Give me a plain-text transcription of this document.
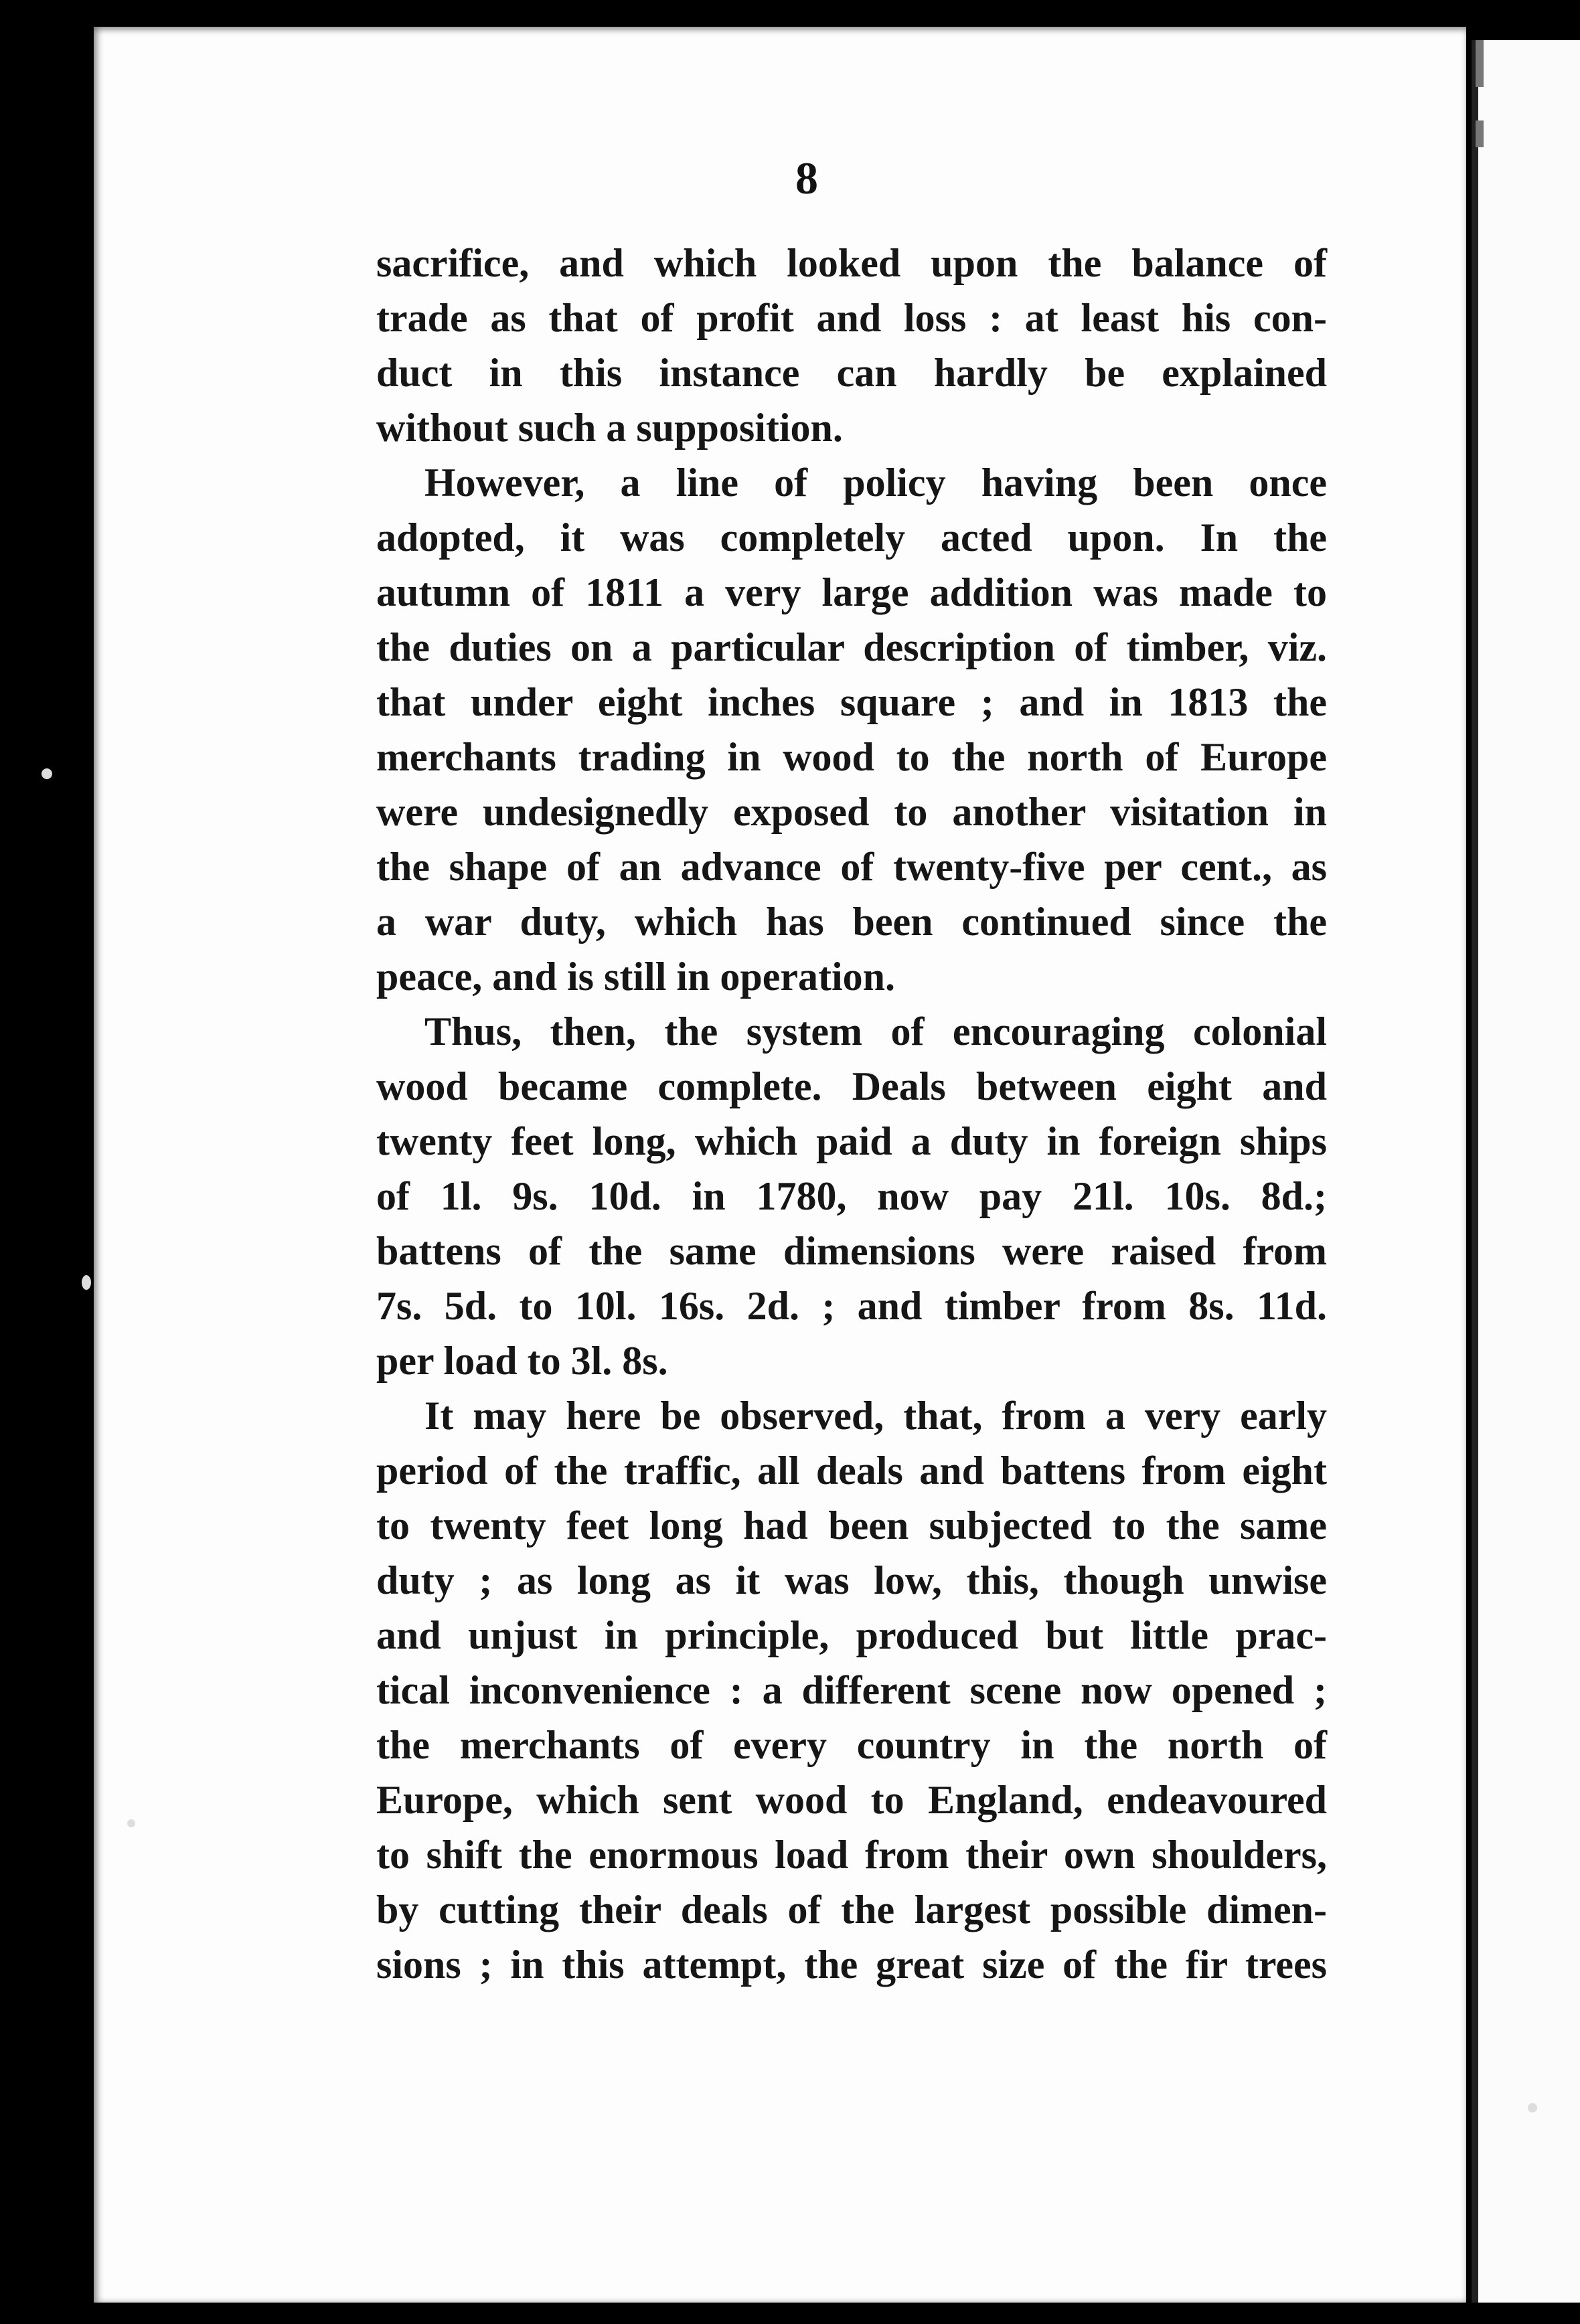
8
sacrifice, and which looked upon the balance of
trade as that of profit and loss : at least his con-
duct in this instance can hardly be explained
without such a supposition.
However, a line of policy having been once
adopted, it was completely acted upon. In the
autumn of 1811 a very large addition was made to
the duties on a particular description of timber, viz.
that under eight inches square ; and in 1813 the
merchants trading in wood to the north of Europe
were undesignedly exposed to another visitation in
the shape of an advance of twenty-five per cent., as
a war duty, which has been continued since the
peace, and is still in operation.
Thus, then, the system of encouraging colonial
wood became complete. Deals between eight and
twenty feet long, which paid a duty in foreign ships
of 1l. 9s. 10d. in 1780, now pay 21l. 10s. 8d.;
battens of the same dimensions were raised from
7s. 5d. to 10l. 16s. 2d. ; and timber from 8s. 11d.
per load to 3l. 8s.
It may here be observed, that, from a very early
period of the traffic, all deals and battens from eight
to twenty feet long had been subjected to the same
duty ; as long as it was low, this, though unwise
and unjust in principle, produced but little prac-
tical inconvenience : a different scene now opened ;
the merchants of every country in the north of
Europe, which sent wood to England, endeavoured
to shift the enormous load from their own shoulders,
by cutting their deals of the largest possible dimen-
sions ; in this attempt, the great size of the fir trees
